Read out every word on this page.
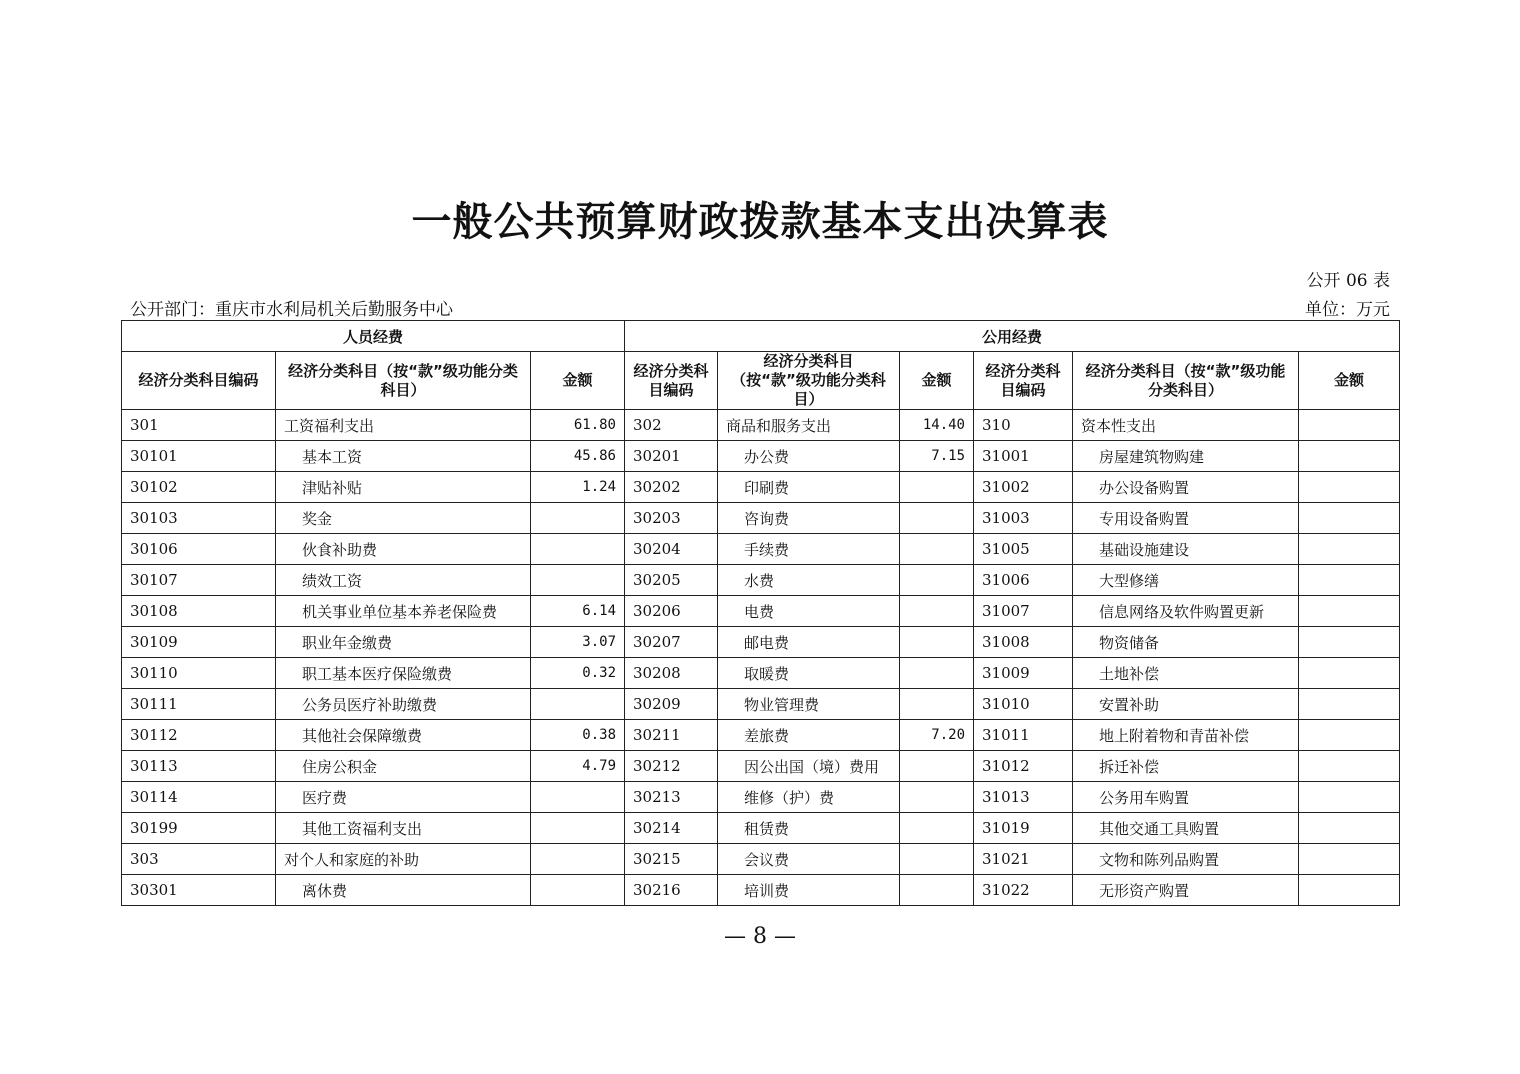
一般公共预算财政拨款基本支出决算表
公开 06 表
公开部门：重庆市水利局机关后勤服务中心	单位：万元
人员经费			公用经费					
经济分类科目编码	经济分类科目（按“款”级功能分类科目）	金额	经济分类科目编码	经济分类科目（按“款”级功能分类科目）	金额	经济分类科目编码	经济分类科目（按“款”级功能分类科目）	金额
301	工资福利支出	61.80	302	商品和服务支出	14.40	310	资本性支出	
30101	基本工资	45.86	30201	办公费	7.15	31001	房屋建筑物购建	
30102	津贴补贴	1.24	30202	印刷费		31002	办公设备购置	
30103	奖金		30203	咨询费		31003	专用设备购置	
30106	伙食补助费		30204	手续费		31005	基础设施建设	
30107	绩效工资		30205	水费		31006	大型修缮	
30108	机关事业单位基本养老保险费	6.14	30206	电费		31007	信息网络及软件购置更新	
30109	职业年金缴费	3.07	30207	邮电费		31008	物资储备	
30110	职工基本医疗保险缴费	0.32	30208	取暖费		31009	土地补偿	
30111	公务员医疗补助缴费		30209	物业管理费		31010	安置补助	
30112	其他社会保障缴费	0.38	30211	差旅费	7.20	31011	地上附着物和青苗补偿	
30113	住房公积金	4.79	30212	因公出国（境）费用		31012	拆迁补偿	
30114	医疗费		30213	维修（护）费		31013	公务用车购置	
30199	其他工资福利支出		30214	租赁费		31019	其他交通工具购置	
303	对个人和家庭的补助		30215	会议费		31021	文物和陈列品购置	
30301	离休费		30216	培训费		31022	无形资产购置	
— 8 —
